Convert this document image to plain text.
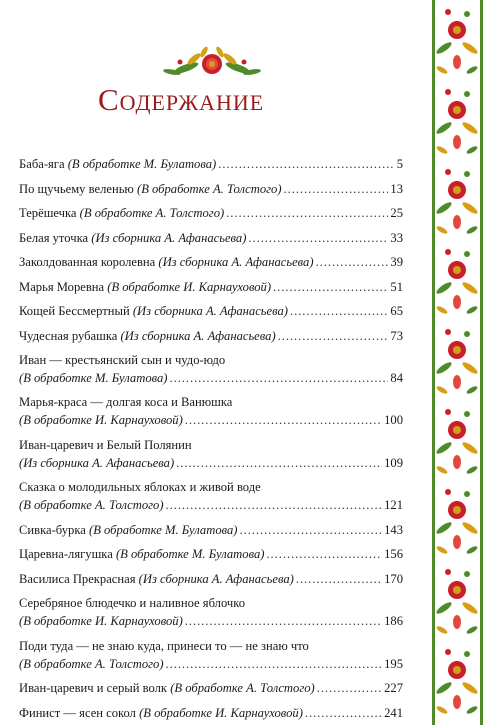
Содержание
Баба-яга (В обработке М. Булатова) . . .	5
По щучьему веленью (В обработке А. Толстого) . . .	13
Терёшечка (В обработке А. Толстого) . . .	25
Белая уточка (Из сборника А. Афанасьева) . . .	33
Заколдованная королевна (Из сборника А. Афанасьева) . . .	39
Марья Моревна (В обработке И. Карнауховой) . . .	51
Кощей Бессмертный (Из сборника А. Афанасьева) . . .	65
Чудесная рубашка (Из сборника А. Афанасьева) . . .	73
Иван — крестьянский сын и чудо-юдо
(В обработке М. Булатова) . . .	84
Марья-краса — долгая коса и Ванюшка
(В обработке И. Карнауховой) . . .	100
Иван-царевич и Белый Полянин
(Из сборника А. Афанасьева) . . .	109
Сказка о молодильных яблоках и живой воде
(В обработке А. Толстого) . . .	121
Сивка-бурка (В обработке М. Булатова) . . .	143
Царевна-лягушка (В обработке М. Булатова) . . .	156
Василиса Прекрасная (Из сборника А. Афанасьева) . . .	170
Серебряное блюдечко и наливное яблочко
(В обработке И. Карнауховой) . . .	186
Поди туда — не знаю куда, принеси то — не знаю что
(В обработке А. Толстого) . . .	195
Иван-царевич и серый волк (В обработке А. Толстого) . . .	227
Финист — ясен сокол (В обработке И. Карнауховой) . . .	241
